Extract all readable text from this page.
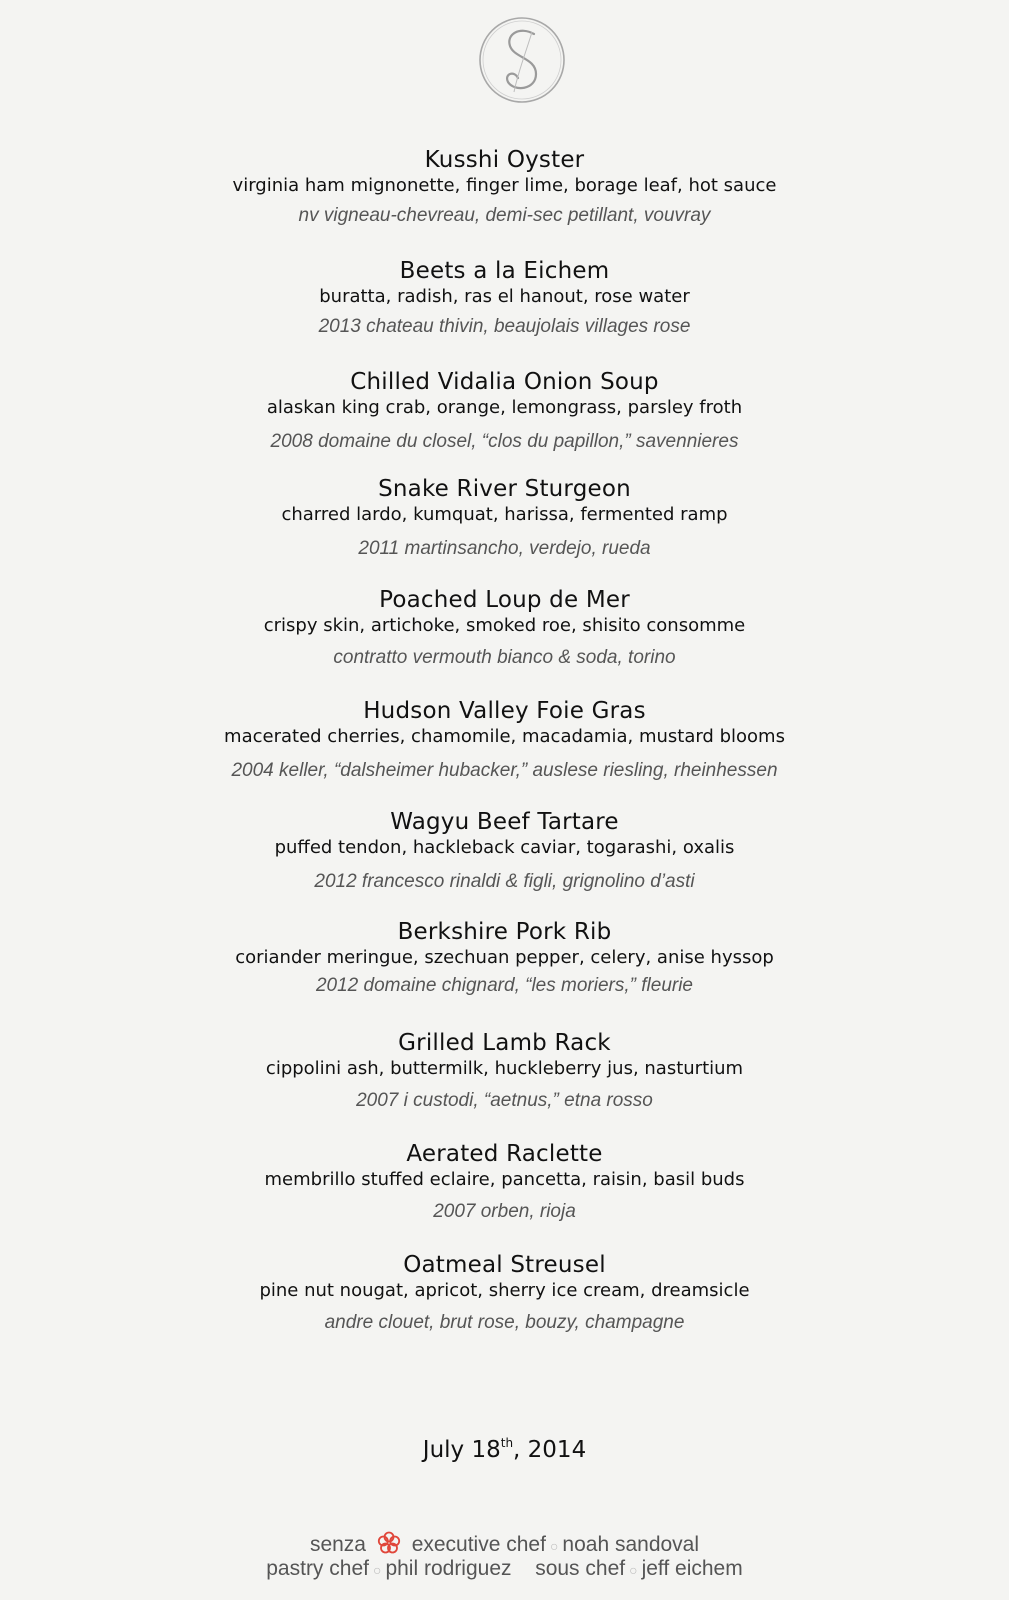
Kusshi Oyster
virginia ham mignonette, finger lime, borage leaf, hot sauce
nv vigneau-chevreau, demi-sec petillant, vouvray
Beets a la Eichem
buratta, radish, ras el hanout, rose water
2013 chateau thivin, beaujolais villages rose
Chilled Vidalia Onion Soup
alaskan king crab, orange, lemongrass, parsley froth
2008 domaine du closel, “clos du papillon,” savennieres
Snake River Sturgeon
charred lardo, kumquat, harissa, fermented ramp
2011 martinsancho, verdejo, rueda
Poached Loup de Mer
crispy skin, artichoke, smoked roe, shisito consomme
contratto vermouth bianco & soda, torino
Hudson Valley Foie Gras
macerated cherries, chamomile, macadamia, mustard blooms
2004 keller, “dalsheimer hubacker,” auslese riesling, rheinhessen
Wagyu Beef Tartare
puffed tendon, hackleback caviar, togarashi, oxalis
2012 francesco rinaldi & figli, grignolino d’asti
Berkshire Pork Rib
coriander meringue, szechuan pepper, celery, anise hyssop
2012 domaine chignard, “les moriers,” fleurie
Grilled Lamb Rack
cippolini ash, buttermilk, huckleberry jus, nasturtium
2007 i custodi, “aetnus,” etna rosso
Aerated Raclette
membrillo stuffed eclaire, pancetta, raisin, basil buds
2007 orben, rioja
Oatmeal Streusel
pine nut nougat, apricot, sherry ice cream, dreamsicle
andre clouet, brut rose, bouzy, champagne
July 18th, 2014
senza executive chef ○ noah sandoval
pastry chef ○ phil rodriguez sous chef ○ jeff eichem
